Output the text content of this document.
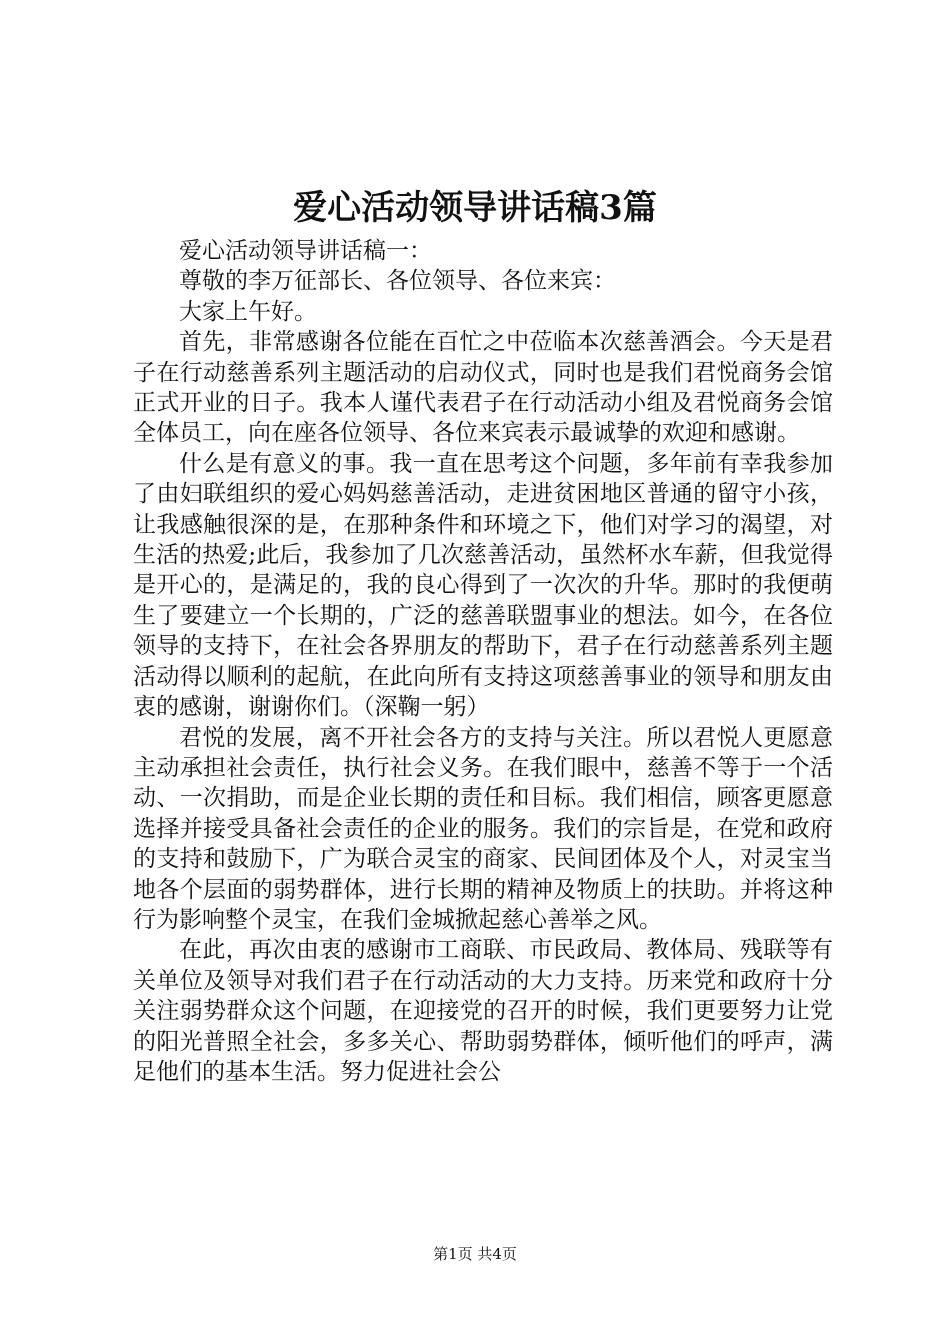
爱心活动领导讲话稿3篇

爱心活动领导讲话稿一：

尊敬的李万征部长、各位领导、各位来宾：

大家上午好。

首先，非常感谢各位能在百忙之中莅临本次慈善酒会。今天是君子在行动慈善系列主题活动的启动仪式，同时也是我们君悦商务会馆正式开业的日子。我本人谨代表君子在行动活动小组及君悦商务会馆全体员工，向在座各位领导、各位来宾表示最诚挚的欢迎和感谢。

什么是有意义的事。我一直在思考这个问题，多年前有幸我参加了由妇联组织的爱心妈妈慈善活动，走进贫困地区普通的留守小孩，让我感触很深的是，在那种条件和环境之下，他们对学习的渴望，对生活的热爱;此后，我参加了几次慈善活动，虽然杯水车薪，但我觉得是开心的，是满足的，我的良心得到了一次次的升华。那时的我便萌生了要建立一个长期的，广泛的慈善联盟事业的想法。如今，在各位领导的支持下，在社会各界朋友的帮助下，君子在行动慈善系列主题活动得以顺利的起航，在此向所有支持这项慈善事业的领导和朋友由衷的感谢，谢谢你们。（深鞠一躬）

君悦的发展，离不开社会各方的支持与关注。所以君悦人更愿意主动承担社会责任，执行社会义务。在我们眼中，慈善不等于一个活动、一次捐助，而是企业长期的责任和目标。我们相信，顾客更愿意选择并接受具备社会责任的企业的服务。我们的宗旨是，在党和政府的支持和鼓励下，广为联合灵宝的商家、民间团体及个人，对灵宝当地各个层面的弱势群体，进行长期的精神及物质上的扶助。并将这种行为影响整个灵宝，在我们金城掀起慈心善举之风。

在此，再次由衷的感谢市工商联、市民政局、教体局、残联等有关单位及领导对我们君子在行动活动的大力支持。历来党和政府十分关注弱势群众这个问题，在迎接党的召开的时候，我们更要努力让党的阳光普照全社会，多多关心、帮助弱势群体，倾听他们的呼声，满足他们的基本生活。努力促进社会公

第1页 共4页
